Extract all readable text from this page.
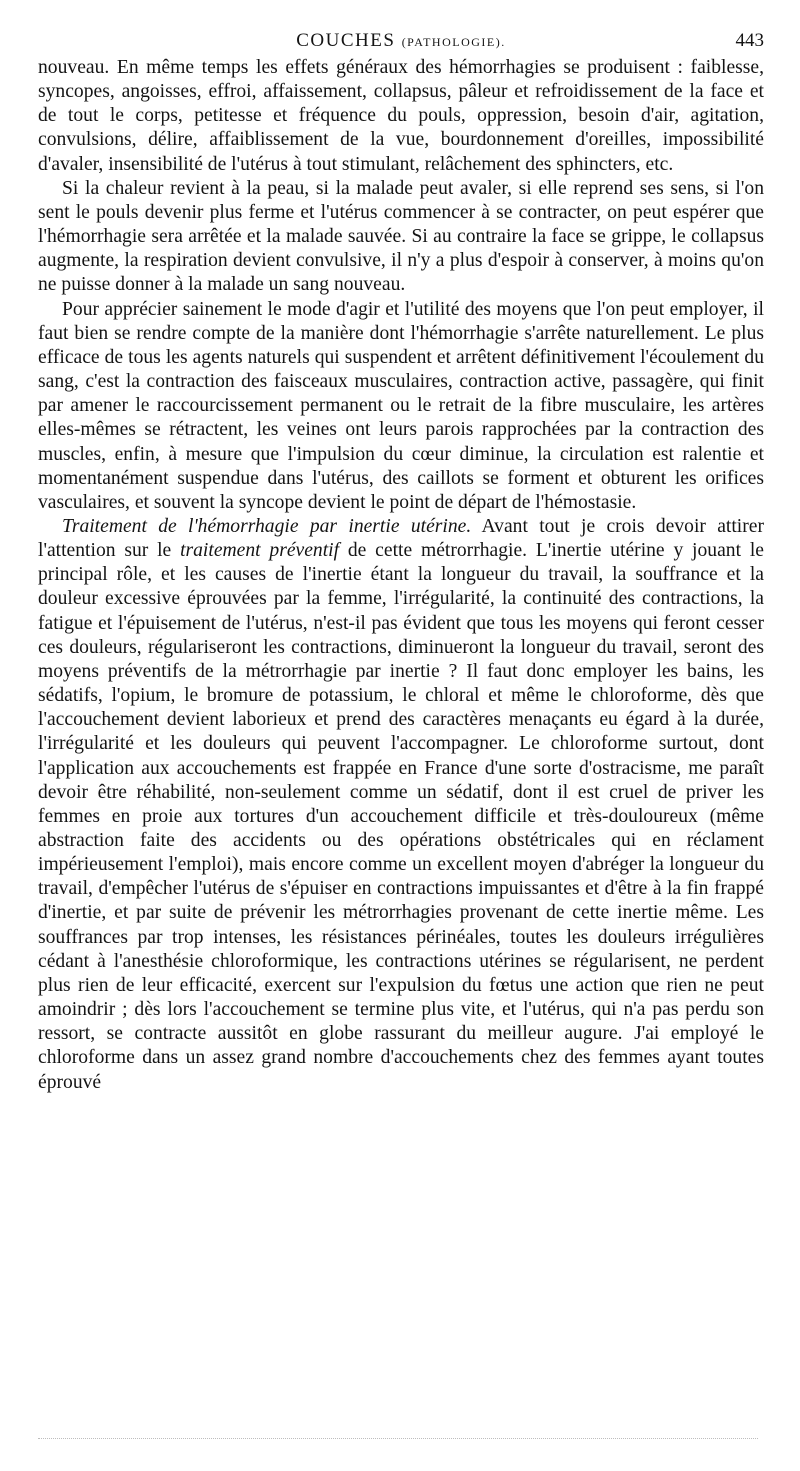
COUCHES (PATHOLOGIE).	443

nouveau. En même temps les effets généraux des hémorrhagies se produisent : faiblesse, syncopes, angoisses, effroi, affaissement, collapsus, pâleur et refroidissement de la face et de tout le corps, petitesse et fréquence du pouls, oppression, besoin d'air, agitation, convulsions, délire, affaiblissement de la vue, bourdonnement d'oreilles, impossibilité d'avaler, insensibilité de l'utérus à tout stimulant, relâchement des sphincters, etc.

Si la chaleur revient à la peau, si la malade peut avaler, si elle reprend ses sens, si l'on sent le pouls devenir plus ferme et l'utérus commencer à se contracter, on peut espérer que l'hémorrhagie sera arrêtée et la malade sauvée. Si au contraire la face se grippe, le collapsus augmente, la respiration devient convulsive, il n'y a plus d'espoir à conserver, à moins qu'on ne puisse donner à la malade un sang nouveau.

Pour apprécier sainement le mode d'agir et l'utilité des moyens que l'on peut employer, il faut bien se rendre compte de la manière dont l'hémorrhagie s'arrête naturellement. Le plus efficace de tous les agents naturels qui suspendent et arrêtent définitivement l'écoulement du sang, c'est la contraction des faisceaux musculaires, contraction active, passagère, qui finit par amener le raccourcissement permanent ou le retrait de la fibre musculaire, les artères elles-mêmes se rétractent, les veines ont leurs parois rapprochées par la contraction des muscles, enfin, à mesure que l'impulsion du cœur diminue, la circulation est ralentie et momentanément suspendue dans l'utérus, des caillots se forment et obturent les orifices vasculaires, et souvent la syncope devient le point de départ de l'hémostasie.

Traitement de l'hémorrhagie par inertie utérine. Avant tout je crois devoir attirer l'attention sur le traitement préventif de cette métrorrhagie. L'inertie utérine y jouant le principal rôle, et les causes de l'inertie étant la longueur du travail, la souffrance et la douleur excessive éprouvées par la femme, l'irrégularité, la continuité des contractions, la fatigue et l'épuisement de l'utérus, n'est-il pas évident que tous les moyens qui feront cesser ces douleurs, régulariseront les contractions, diminueront la longueur du travail, seront des moyens préventifs de la métrorrhagie par inertie ? Il faut donc employer les bains, les sédatifs, l'opium, le bromure de potassium, le chloral et même le chloroforme, dès que l'accouchement devient laborieux et prend des caractères menaçants eu égard à la durée, l'irrégularité et les douleurs qui peuvent l'accompagner. Le chloroforme surtout, dont l'application aux accouchements est frappée en France d'une sorte d'ostracisme, me paraît devoir être réhabilité, non-seulement comme un sédatif, dont il est cruel de priver les femmes en proie aux tortures d'un accouchement difficile et très-douloureux (même abstraction faite des accidents ou des opérations obstétricales qui en réclament impérieusement l'emploi), mais encore comme un excellent moyen d'abréger la longueur du travail, d'empêcher l'utérus de s'épuiser en contractions impuissantes et d'être à la fin frappé d'inertie, et par suite de prévenir les métrorrhagies provenant de cette inertie même. Les souffrances par trop intenses, les résistances périnéales, toutes les douleurs irrégulières cédant à l'anesthésie chloroformique, les contractions utérines se régularisent, ne perdent plus rien de leur efficacité, exercent sur l'expulsion du fœtus une action que rien ne peut amoindrir ; dès lors l'accouchement se termine plus vite, et l'utérus, qui n'a pas perdu son ressort, se contracte aussitôt en globe rassurant du meilleur augure. J'ai employé le chloroforme dans un assez grand nombre d'accouchements chez des femmes ayant toutes éprouvé
